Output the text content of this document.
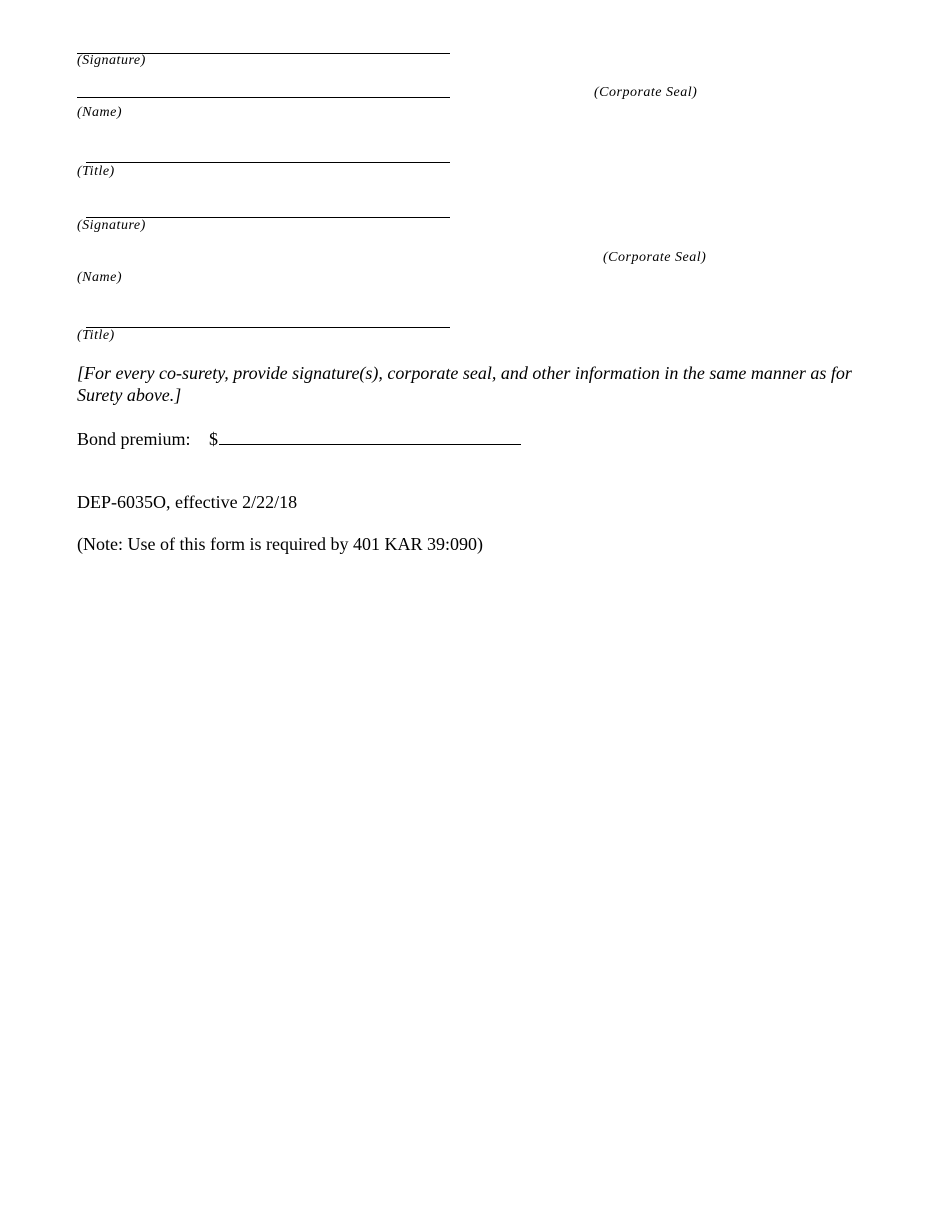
(Signature)
(Name)
(Corporate Seal)
(Title)
(Signature)
(Corporate Seal)
(Name)
(Title)
[For every co-surety, provide signature(s), corporate seal, and other information in the same manner as for Surety above.]
Bond premium: $
DEP-6035O, effective 2/22/18
(Note: Use of this form is required by 401 KAR 39:090)
